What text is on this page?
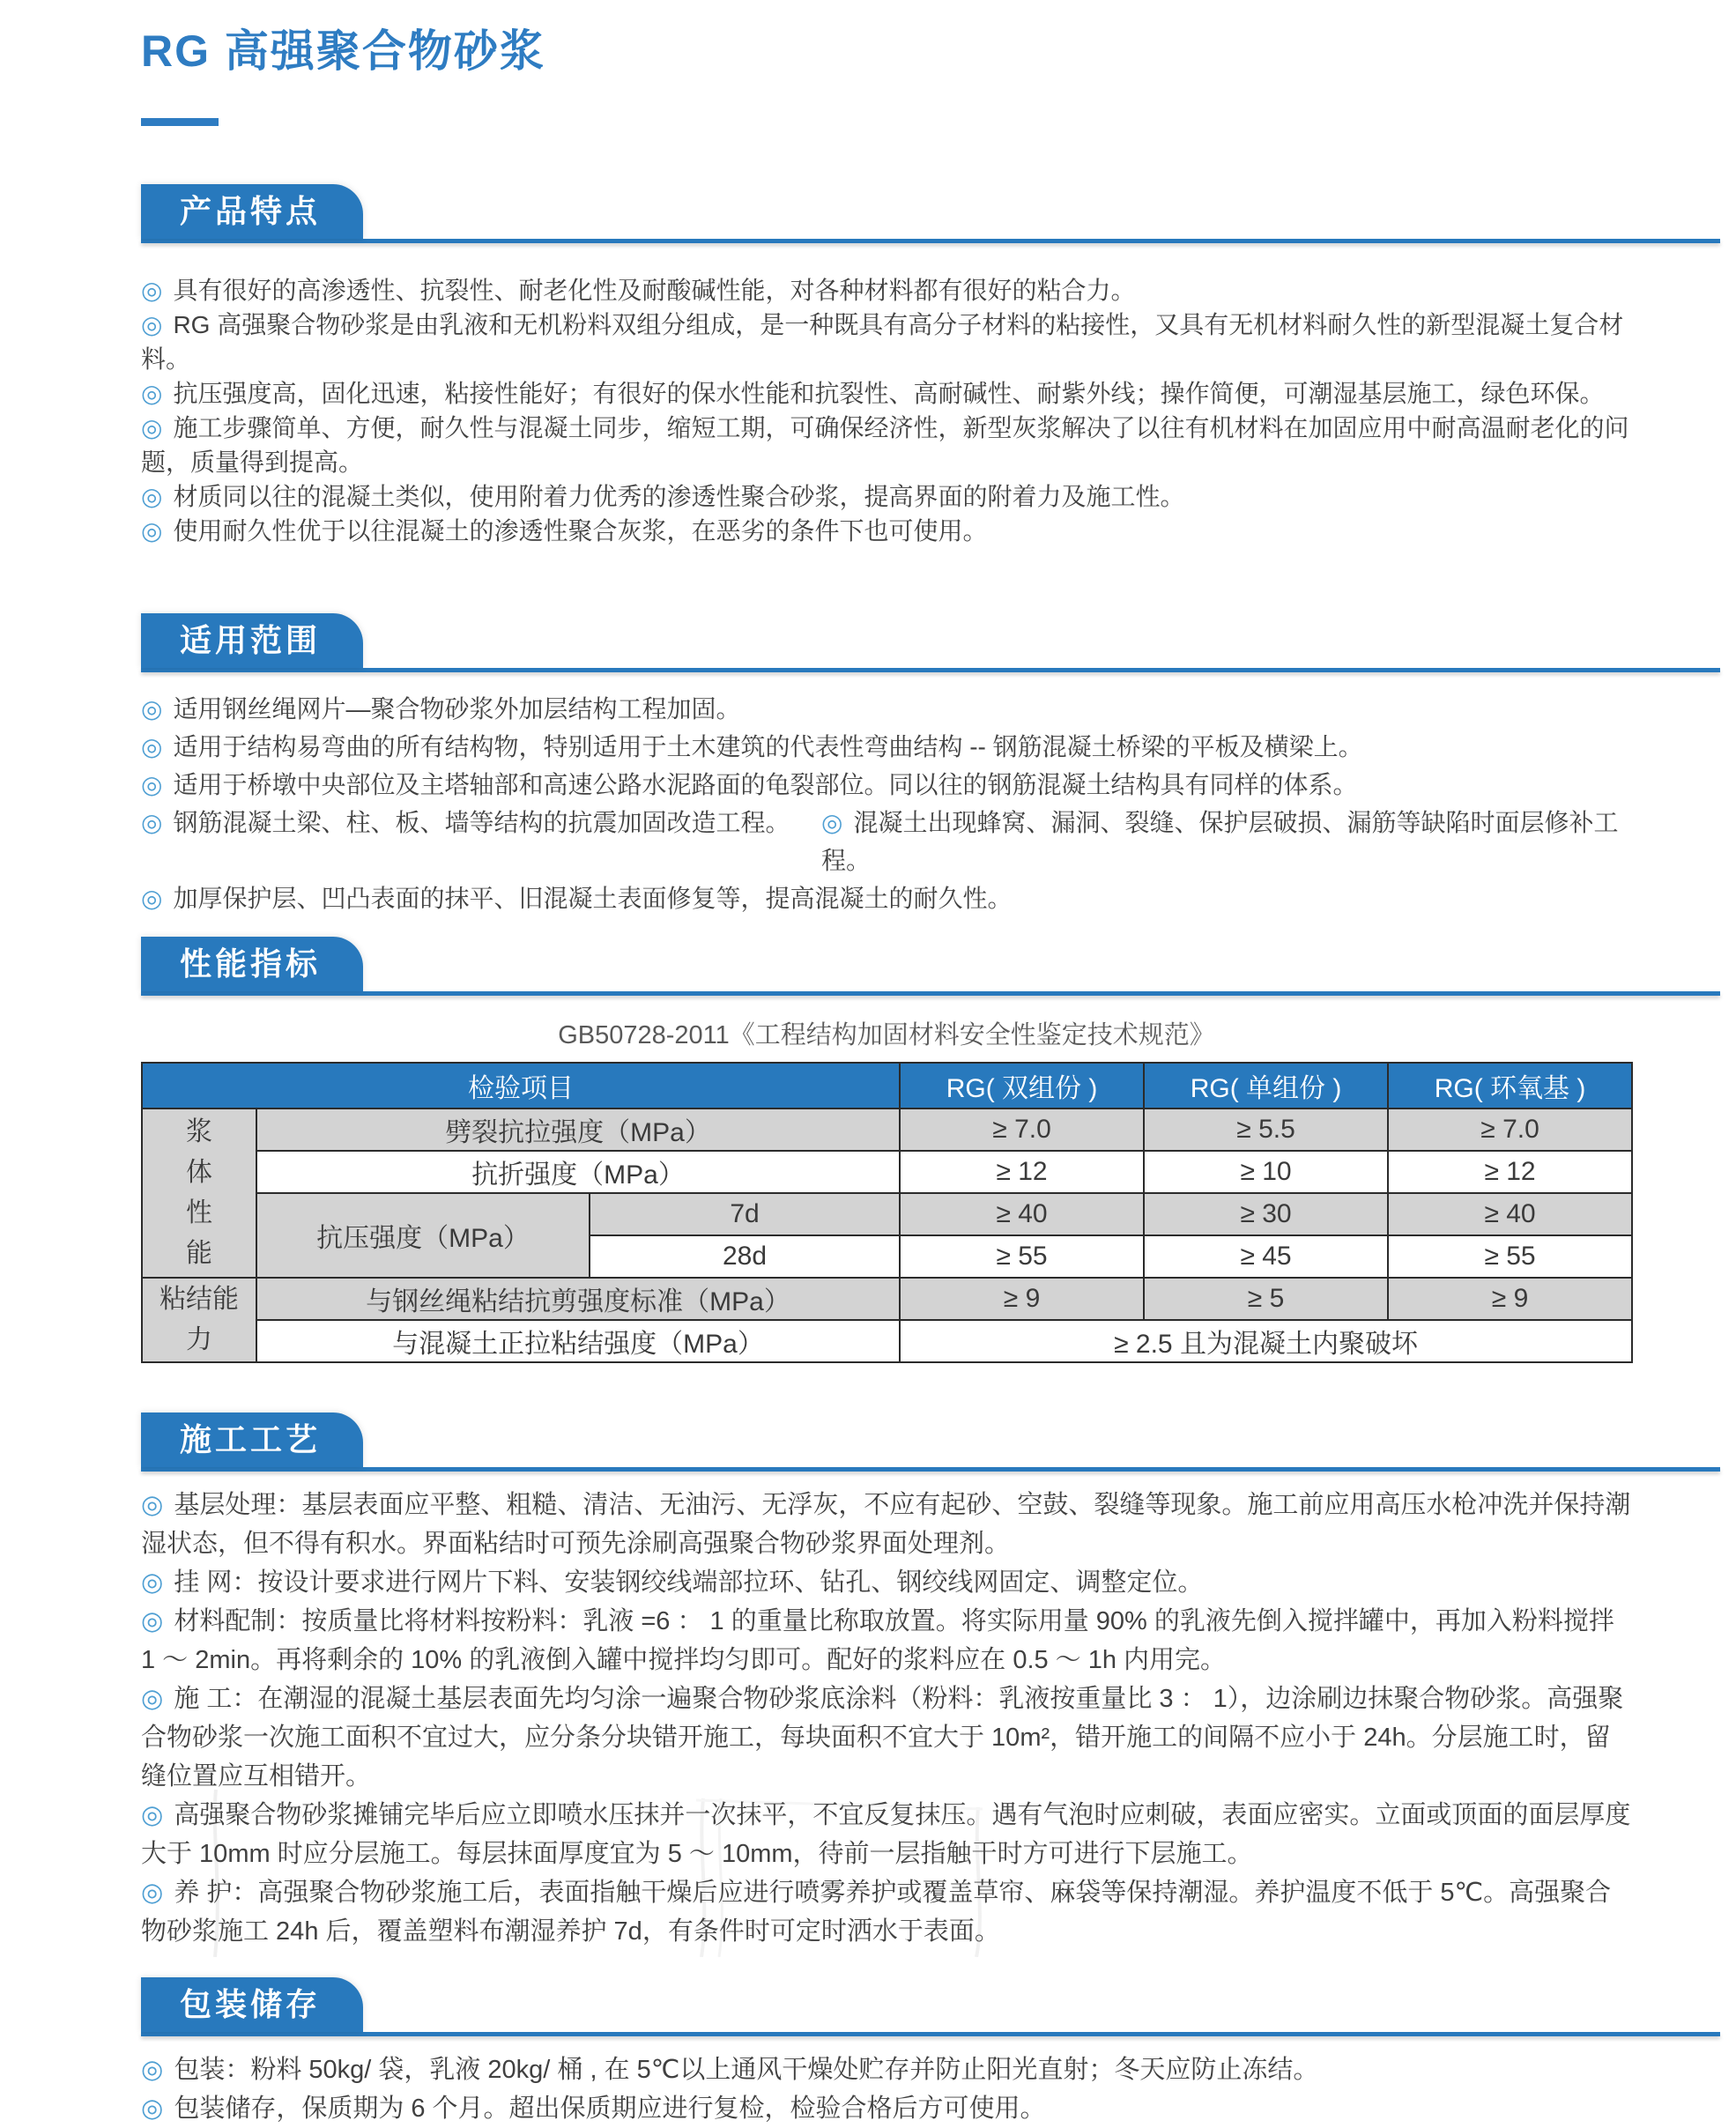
RG 高强聚合物砂浆
产品特点

◎ 具有很好的高渗透性、抗裂性、耐老化性及耐酸碱性能，对各种材料都有很好的粘合力。

◎ RG 高强聚合物砂浆是由乳液和无机粉料双组分组成，是一种既具有高分子材料的粘接性，又具有无机材料耐久性的新型混凝土复合材料。

◎ 抗压强度高，固化迅速，粘接性能好；有很好的保水性能和抗裂性、高耐碱性、耐紫外线；操作简便，可潮湿基层施工，绿色环保。

◎ 施工步骤简单、方便，耐久性与混凝土同步，缩短工期，可确保经济性，新型灰浆解决了以往有机材料在加固应用中耐高温耐老化的问题，质量得到提高。

◎ 材质同以往的混凝土类似，使用附着力优秀的渗透性聚合砂浆，提高界面的附着力及施工性。

◎ 使用耐久性优于以往混凝土的渗透性聚合灰浆，在恶劣的条件下也可使用。

适用范围

◎ 适用钢丝绳网片—聚合物砂浆外加层结构工程加固。

◎ 适用于结构易弯曲的所有结构物，特别适用于土木建筑的代表性弯曲结构 -- 钢筋混凝土桥梁的平板及横梁上。

◎ 适用于桥墩中央部位及主塔轴部和高速公路水泥路面的龟裂部位。同以往的钢筋混凝土结构具有同样的体系。

◎ 钢筋混凝土梁、柱、板、墙等结构的抗震加固改造工程。	◎ 混凝土出现蜂窝、漏洞、裂缝、保护层破损、漏筋等缺陷时面层修补工程。

◎ 加厚保护层、凹凸表面的抹平、旧混凝土表面修复等，提高混凝土的耐久性。

性能指标
GB50728-2011《工程结构加固材料安全性鉴定技术规范》
检验项目			RG( 双组份 )	RG( 单组份 )	RG( 环氧基 )

浆
体
性
能	劈裂抗拉强度（MPa）		≥ 7.0	≥ 5.5	≥ 7.0
	抗折强度（MPa）		≥ 12	≥ 10	≥ 12
	抗压强度（MPa）	7d	≥ 40	≥ 30	≥ 40
		28d	≥ 55	≥ 45	≥ 55

粘结能
力	与钢丝绳粘结抗剪强度标准（MPa）		≥ 9	≥ 5	≥ 9
	与混凝土正拉粘结强度（MPa）		≥ 2.5 且为混凝土内聚破坏		
施工工艺

◎ 基层处理：基层表面应平整、粗糙、清洁、无油污、无浮灰，不应有起砂、空鼓、裂缝等现象。施工前应用高压水枪冲洗并保持潮湿状态，但不得有积水。界面粘结时可预先涂刷高强聚合物砂浆界面处理剂。

◎ 挂 网：按设计要求进行网片下料、安装钢绞线端部拉环、钻孔、钢绞线网固定、调整定位。

◎ 材料配制：按质量比将材料按粉料：乳液 =6 ： 1 的重量比称取放置。将实际用量 90% 的乳液先倒入搅拌罐中，再加入粉料搅拌 1 ～ 2min。再将剩余的 10% 的乳液倒入罐中搅拌均匀即可。配好的浆料应在 0.5 ～ 1h 内用完。

◎ 施 工：在潮湿的混凝土基层表面先均匀涂一遍聚合物砂浆底涂料（粉料：乳液按重量比 3 ： 1），边涂刷边抹聚合物砂浆。高强聚合物砂浆一次施工面积不宜过大，应分条分块错开施工，每块面积不宜大于 10m²，错开施工的间隔不应小于 24h。分层施工时，留缝位置应互相错开。

◎ 高强聚合物砂浆摊铺完毕后应立即喷水压抹并一次抹平，不宜反复抹压。遇有气泡时应刺破，表面应密实。立面或顶面的面层厚度大于 10mm 时应分层施工。每层抹面厚度宜为 5 ～ 10mm，待前一层指触干时方可进行下层施工。

◎ 养 护：高强聚合物砂浆施工后，表面指触干燥后应进行喷雾养护或覆盖草帘、麻袋等保持潮湿。养护温度不低于 5℃。高强聚合物砂浆施工 24h 后，覆盖塑料布潮湿养护 7d，有条件时可定时洒水于表面。

包装储存

◎ 包装：粉料 50kg/ 袋，乳液 20kg/ 桶 , 在 5℃以上通风干燥处贮存并防止阳光直射；冬天应防止冻结。

◎ 包装储存，保质期为 6 个月。超出保质期应进行复检，检验合格后方可使用。
